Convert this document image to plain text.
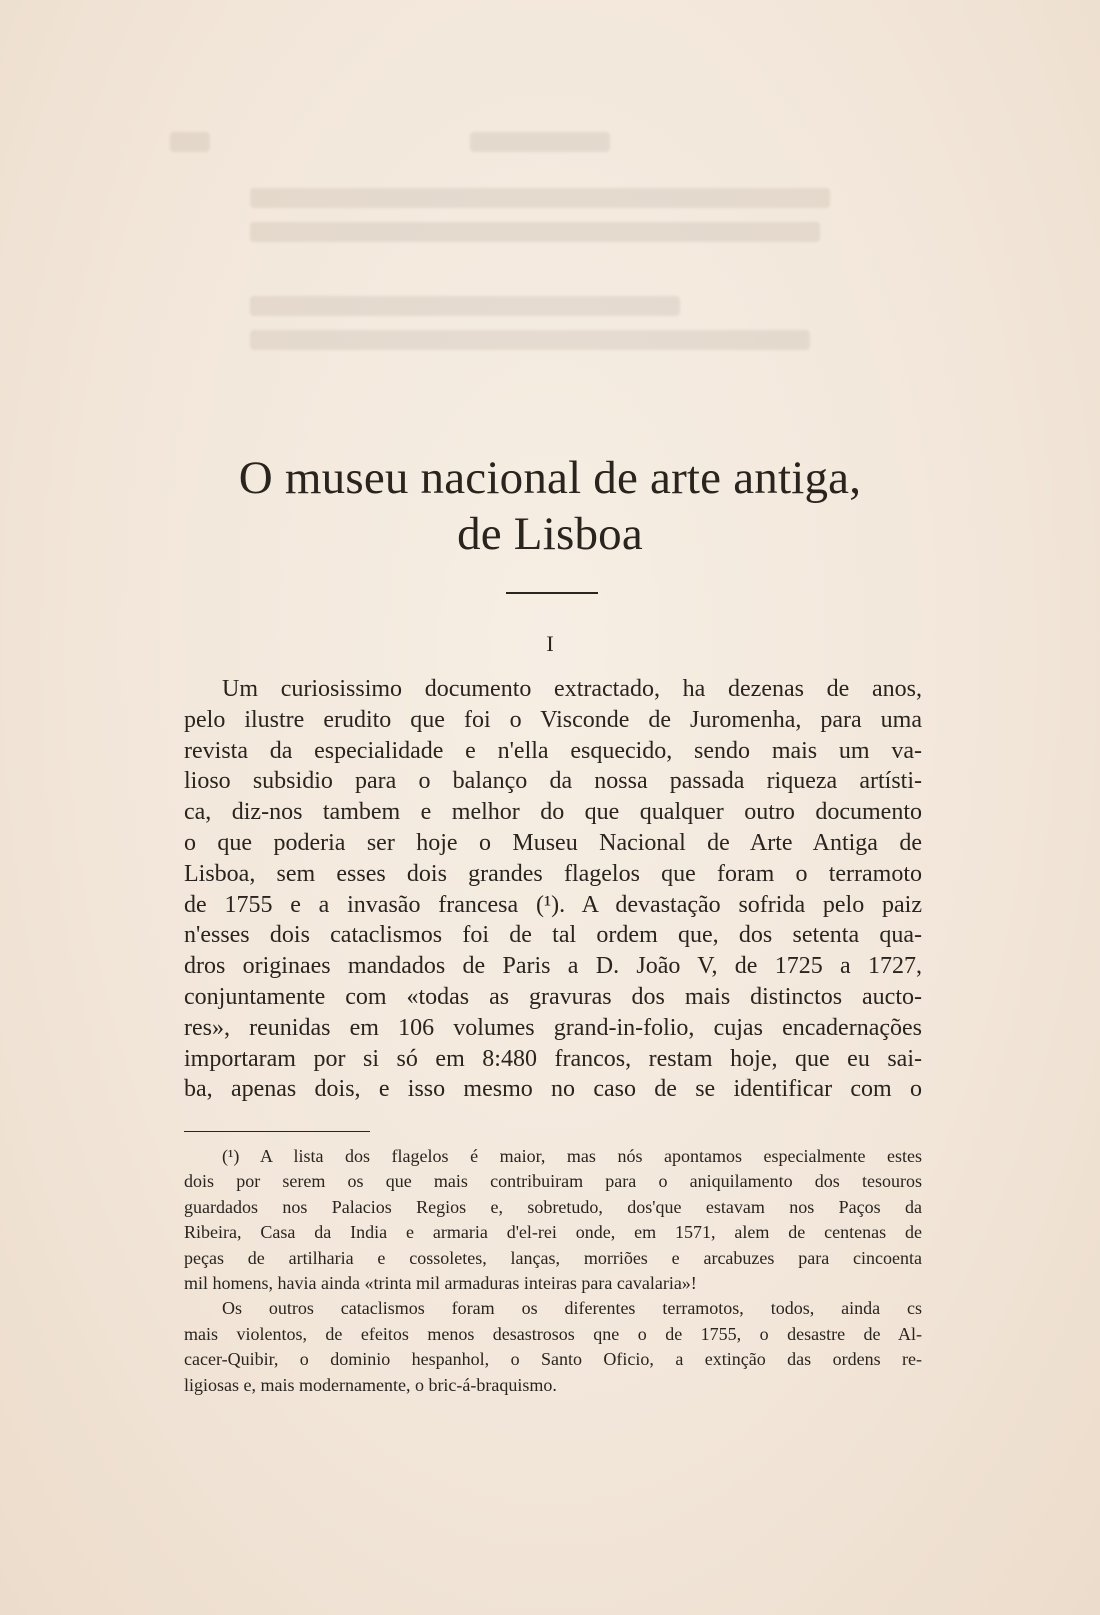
O museu nacional de arte antiga,
de Lisboa
I
Um curiosissimo documento extractado, ha dezenas de anos,
pelo ilustre erudito que foi o Visconde de Juromenha, para uma
revista da especialidade e n'ella esquecido, sendo mais um va-
lioso subsidio para o balanço da nossa passada riqueza artísti-
ca, diz-nos tambem e melhor do que qualquer outro documento
o que poderia ser hoje o Museu Nacional de Arte Antiga de
Lisboa, sem esses dois grandes flagelos que foram o terramoto
de 1755 e a invasão francesa (¹). A devastação sofrida pelo paiz
n'esses dois cataclismos foi de tal ordem que, dos setenta qua-
dros originaes mandados de Paris a D. João V, de 1725 a 1727,
conjuntamente com «todas as gravuras dos mais distinctos aucto-
res», reunidas em 106 volumes grand-in-folio, cujas encadernações
importaram por si só em 8:480 francos, restam hoje, que eu sai-
ba, apenas dois, e isso mesmo no caso de se identificar com o
(¹) A lista dos flagelos é maior, mas nós apontamos especialmente estes
dois por serem os que mais contribuiram para o aniquilamento dos tesouros
guardados nos Palacios Regios e, sobretudo, dos'que estavam nos Paços da
Ribeira, Casa da India e armaria d'el-rei onde, em 1571, alem de centenas de
peças de artilharia e cossoletes, lanças, morriões e arcabuzes para cincoenta
mil homens, havia ainda «trinta mil armaduras inteiras para cavalaria»!
Os outros cataclismos foram os diferentes terramotos, todos, ainda cs
mais violentos, de efeitos menos desastrosos qne o de 1755, o desastre de Al-
cacer-Quibir, o dominio hespanhol, o Santo Oficio, a extinção das ordens re-
ligiosas e, mais modernamente, o bric-á-braquismo.
